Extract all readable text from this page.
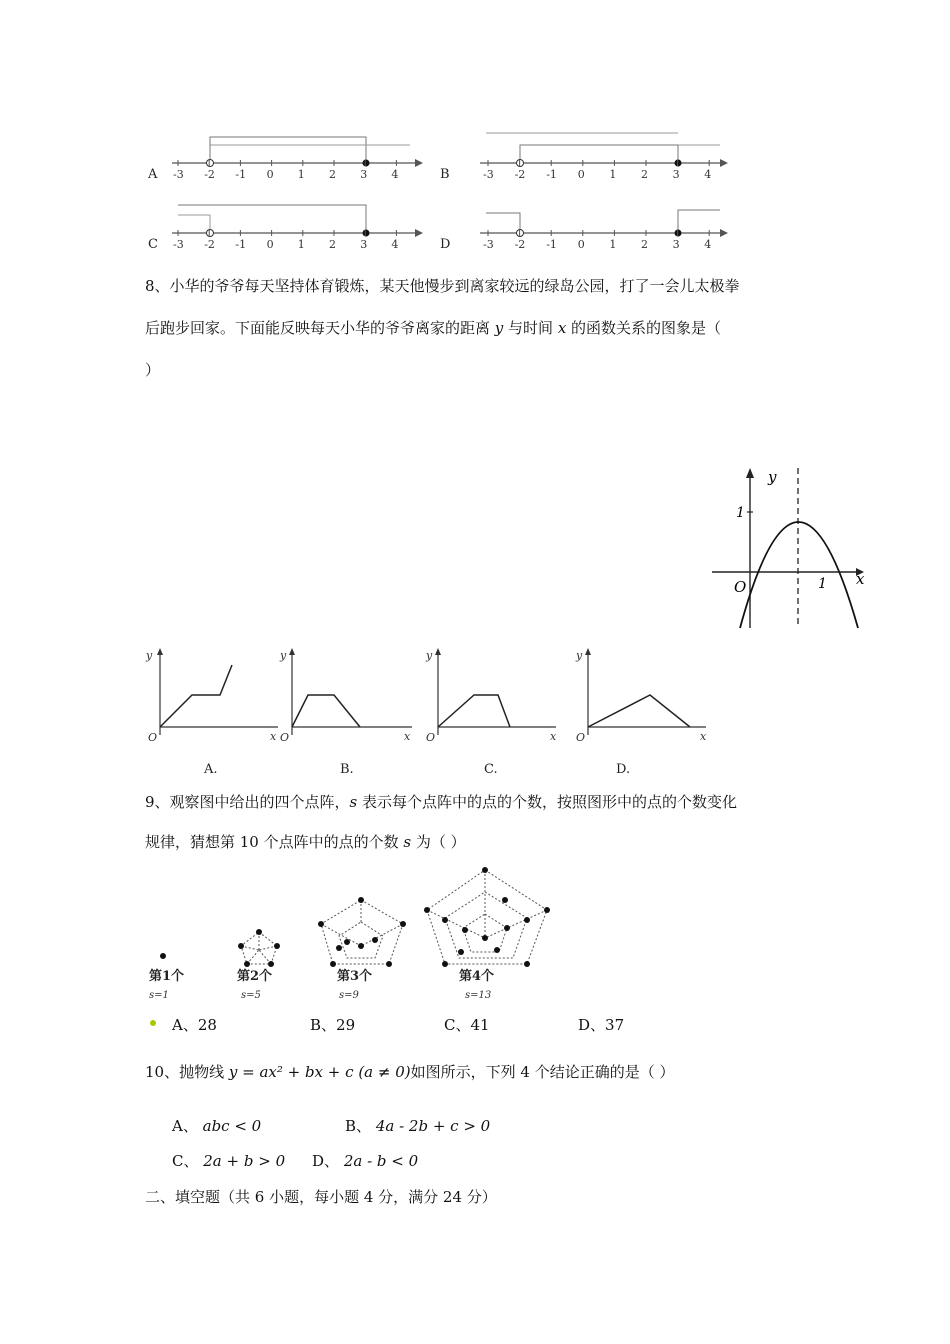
A -3 -2 -1 0 1 2 3 4	B	-3 -2 -1 0 1 2 3 4
C -3 -2 -1 0 1 2 3 4	D	-3 -2 -1 0 1 2 3 4
8、小华的爷爷每天坚持体育锻炼，某天他慢步到离家较远的绿岛公园，打了一会儿太极拳
后跑步回家。下面能反映每天小华的爷爷离家的距离 y 与时间 x 的函数关系的图象是（
）
1
1
O
y
x
y
x
O
A.
y
x
O
B.
y
x
O
C.
y
x
O
D.
9、观察图中给出的四个点阵，s 表示每个点阵中的点的个数，按照图形中的点的个数变化
规律，猜想第 10 个点阵中的点的个数 s 为（ ）
第1个
s=1
第2个
s=5
第3个
s=9
第4个
s=13
A、28	B、29	C、41	D、37
10、抛物线 y = ax² + bx + c (a ≠ 0)如图所示，下列 4 个结论正确的是（ ）
A、 abc < 0	B、 4a - 2b + c > 0
C、 2a + b > 0 D、 2a - b < 0
二、填空题（共 6 小题，每小题 4 分，满分 24 分）
